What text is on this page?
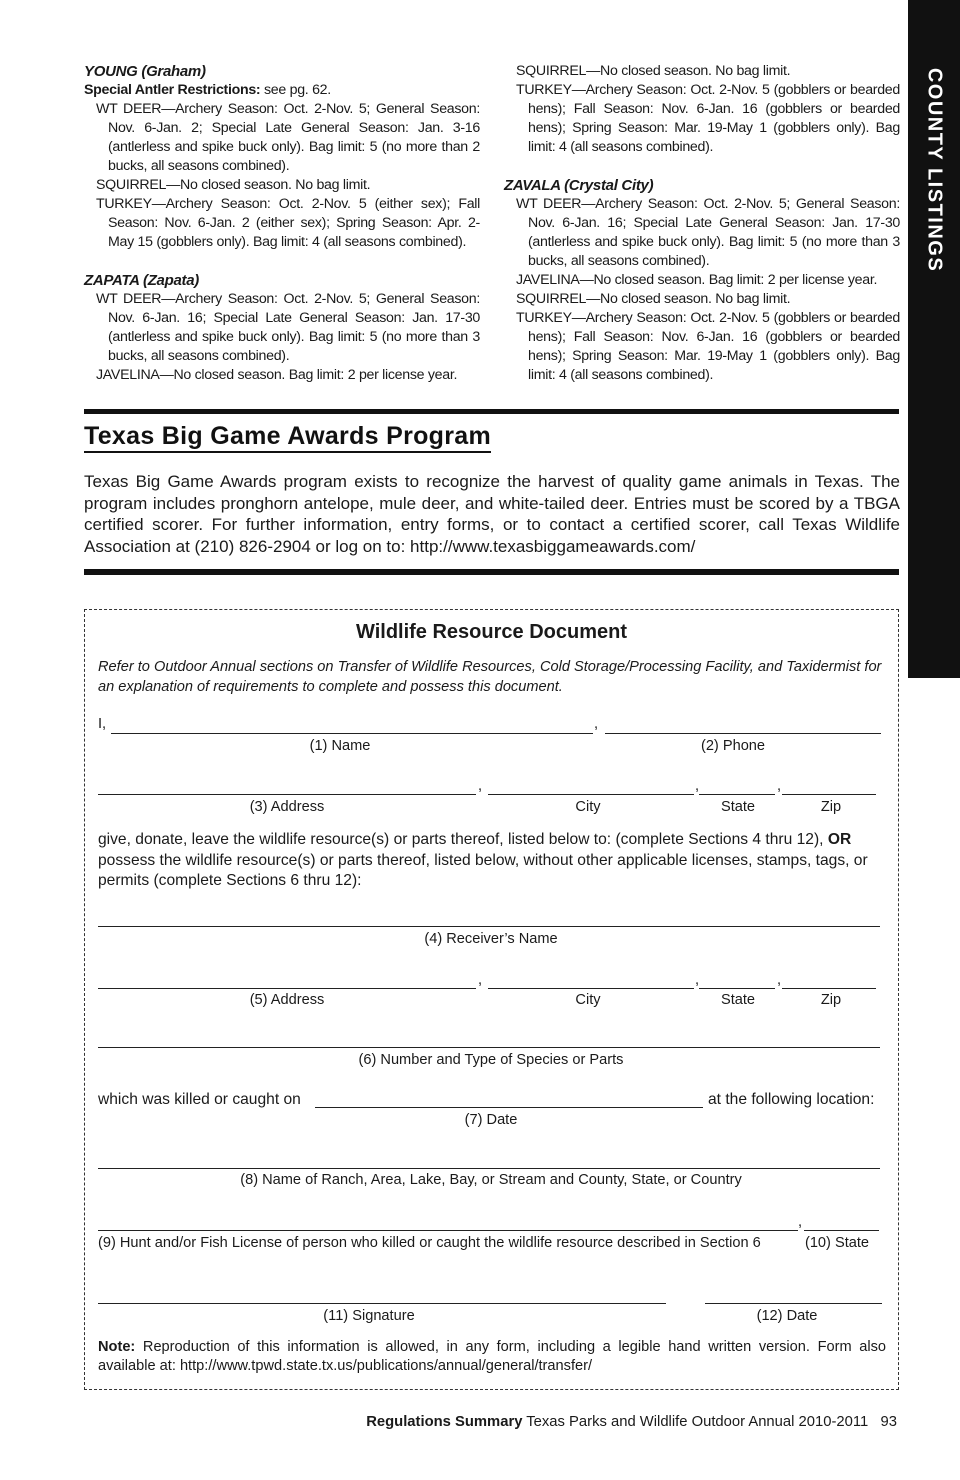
COUNTY LISTINGS
YOUNG (Graham)
Special Antler Restrictions: see pg. 62.
WT DEER—Archery Season: Oct. 2-Nov. 5; General Season: Nov. 6-Jan. 2; Special Late General Season: Jan. 3-16 (antlerless and spike buck only). Bag limit: 5 (no more than 2 bucks, all seasons combined).
SQUIRREL—No closed season. No bag limit.
TURKEY—Archery Season: Oct. 2-Nov. 5 (either sex); Fall Season: Nov. 6-Jan. 2 (either sex); Spring Season: Apr. 2-May 15 (gobblers only). Bag limit: 4 (all seasons combined).
ZAPATA (Zapata)
WT DEER—Archery Season: Oct. 2-Nov. 5; General Season: Nov. 6-Jan. 16; Special Late General Season: Jan. 17-30 (antlerless and spike buck only). Bag limit: 5 (no more than 3 bucks, all seasons combined).
JAVELINA—No closed season. Bag limit: 2 per license year.
SQUIRREL—No closed season. No bag limit.
TURKEY—Archery Season: Oct. 2-Nov. 5 (gobblers or bearded hens); Fall Season: Nov. 6-Jan. 16 (gobblers or bearded hens); Spring Season: Mar. 19-May 1 (gobblers only). Bag limit: 4 (all seasons combined).
ZAVALA (Crystal City)
WT DEER—Archery Season: Oct. 2-Nov. 5; General Season: Nov. 6-Jan. 16; Special Late General Season: Jan. 17-30 (antlerless and spike buck only). Bag limit: 5 (no more than 3 bucks, all seasons combined).
JAVELINA—No closed season. Bag limit: 2 per license year.
SQUIRREL—No closed season. No bag limit.
TURKEY—Archery Season: Oct. 2-Nov. 5 (gobblers or bearded hens); Fall Season: Nov. 6-Jan. 16 (gobblers or bearded hens); Spring Season: Mar. 19-May 1 (gobblers only). Bag limit: 4 (all seasons combined).
Texas Big Game Awards Program
Texas Big Game Awards program exists to recognize the harvest of quality game animals in Texas. The program includes pronghorn antelope, mule deer, and white-tailed deer. Entries must be scored by a TBGA certified scorer. For further information, entry forms, or to contact a certified scorer, call Texas Wildlife Association at (210) 826-2904 or log on to: http://www.texasbiggameawards.com/
Wildlife Resource Document
Refer to Outdoor Annual sections on Transfer of Wildlife Resources, Cold Storage/Processing Facility, and Taxidermist for an explanation of requirements to complete and possess this document.
I,	,
(1) Name	(2) Phone
,	,	,
(3) Address	City	State	Zip
give, donate, leave the wildlife resource(s) or parts thereof, listed below to: (complete Sections 4 thru 12), OR possess the wildlife resource(s) or parts thereof, listed below, without other applicable licenses, stamps, tags, or permits (complete Sections 6 thru 12):
(4) Receiver’s Name
,	,	,
(5) Address	City	State	Zip
(6) Number and Type of Species or Parts
which was killed or caught on	at the following location:
(7) Date
(8) Name of Ranch, Area, Lake, Bay, or Stream and County, State, or Country
,
(9) Hunt and/or Fish License of person who killed or caught the wildlife resource described in Section 6	(10) State
(11) Signature	(12) Date
Note: Reproduction of this information is allowed, in any form, including a legible hand written version. Form also available at: http://www.tpwd.state.tx.us/publications/annual/general/transfer/
Regulations Summary Texas Parks and Wildlife Outdoor Annual 2010-2011 93
